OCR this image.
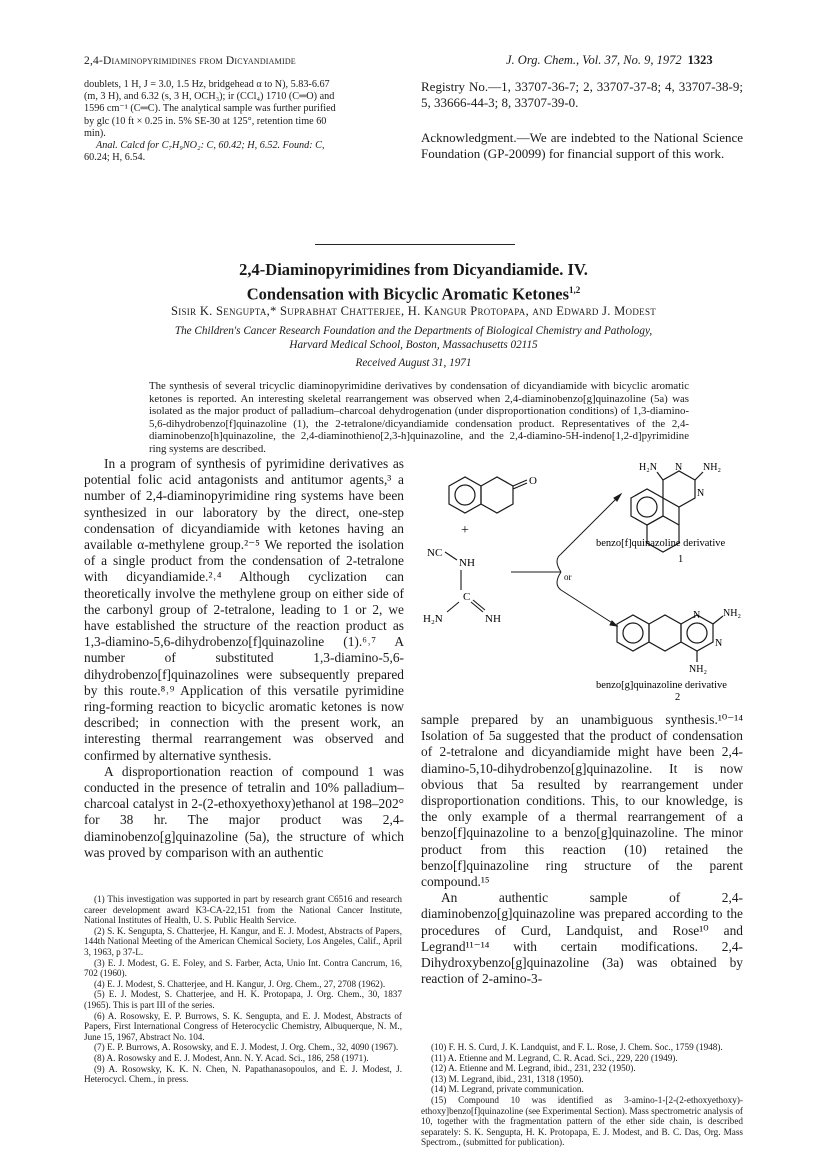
2,4-Diaminopyrimidines from Dicyandiamide	J. Org. Chem., Vol. 37, No. 9, 1972 1323
doublets, 1 H, J = 3.0, 1.5 Hz, bridgehead α to N), 5.83-6.67
(m, 3 H), and 6.32 (s, 3 H, OCH₃); ir (CCl₄) 1710 (C═O) and
1596 cm⁻¹ (C═C). The analytical sample was further purified
by glc (10 ft × 0.25 in. 5% SE-30 at 125°, retention time 60
min).
Anal. Calcd for C₇H₉NO₂: C, 60.42; H, 6.52. Found: C,
60.24; H, 6.54.
Registry No.—1, 33707-36-7; 2, 33707-37-8; 4, 33707-38-9; 5, 33666-44-3; 8, 33707-39-0.
Acknowledgment.—We are indebted to the National Science Foundation (GP-20099) for financial support of this work.
2,4-Diaminopyrimidines from Dicyandiamide. IV.
Condensation with Bicyclic Aromatic Ketones$^{1,2}$
Sisir K. Sengupta,* Suprabhat Chatterjee, H. Kangur Protopapa, and Edward J. Modest
The Children's Cancer Research Foundation and the Departments of Biological Chemistry and Pathology,
Harvard Medical School, Boston, Massachusetts 02115
Received August 31, 1971
The synthesis of several tricyclic diaminopyrimidine derivatives by condensation of dicyandiamide with bicyclic aromatic ketones is reported. An interesting skeletal rearrangement was observed when 2,4-diaminobenzo[g]quinazoline (5a) was isolated as the major product of palladium–charcoal dehydrogenation (under disproportionation conditions) of 1,3-diamino-5,6-dihydrobenzo[f]quinazoline (1), the 2-tetralone/dicyandiamide condensation product. Representatives of the 2,4-diaminobenzo[h]quinazoline, the 2,4-diaminothieno[2,3-h]quinazoline, and the 2,4-diamino-5H-indeno[1,2-d]pyrimidine ring systems are described.

In a program of synthesis of pyrimidine derivatives as potential folic acid antagonists and antitumor agents,³ a number of 2,4-diaminopyrimidine ring systems have been synthesized in our laboratory by the direct, one-step condensation of dicyandiamide with ketones having an available α-methylene group.²⁻⁵ We reported the isolation of a single product from the condensation of 2-tetralone with dicyandiamide.²˒⁴ Although cyclization can theoretically involve the methylene group on either side of the carbonyl group of 2-tetralone, leading to 1 or 2, we have established the structure of the reaction product as 1,3-diamino-5,6-dihydrobenzo[f]quinazoline (1).⁶˒⁷ A number of substituted 1,3-diamino-5,6-dihydrobenzo[f]quinazolines were subsequently prepared by this route.⁸˒⁹ Application of this versatile pyrimidine ring-forming reaction to bicyclic aromatic ketones is now described; in connection with the present work, an interesting thermal rearrangement was observed and confirmed by alternative synthesis.

A disproportionation reaction of compound 1 was conducted in the presence of tetralin and 10% palladium–charcoal catalyst in 2-(2-ethoxyethoxy)ethanol at 198–202° for 38 hr. The major product was 2,4-diaminobenzo[g]quinazoline (5a), the structure of which was proved by comparison with an authentic

(1) This investigation was supported in part by research grant C6516 and research career development award K3-CA-22,151 from the National Cancer Institute, National Institutes of Health, U. S. Public Health Service.
(2) S. K. Sengupta, S. Chatterjee, H. Kangur, and E. J. Modest, Abstracts of Papers, 144th National Meeting of the American Chemical Society, Los Angeles, Calif., April 3, 1963, p 37-L.
(3) E. J. Modest, G. E. Foley, and S. Farber, Acta, Unio Int. Contra Cancrum, 16, 702 (1960).
(4) E. J. Modest, S. Chatterjee, and H. Kangur, J. Org. Chem., 27, 2708 (1962).
(5) E. J. Modest, S. Chatterjee, and H. K. Protopapa, J. Org. Chem., 30, 1837 (1965). This is part III of the series.
(6) A. Rosowsky, E. P. Burrows, S. K. Sengupta, and E. J. Modest, Abstracts of Papers, First International Congress of Heterocyclic Chemistry, Albuquerque, N. M., June 15, 1967, Abstract No. 104.
(7) E. P. Burrows, A. Rosowsky, and E. J. Modest, J. Org. Chem., 32, 4090 (1967).
(8) A. Rosowsky and E. J. Modest, Ann. N. Y. Acad. Sci., 186, 258 (1971).
(9) A. Rosowsky, K. K. N. Chen, N. Papathanasopoulos, and E. J. Modest, J. Heterocycl. Chem., in press.
O
+
NC
NH
C
H₂N	NH
or
H₂N N NH₂
N
benzo[f]quinazoline derivative
1
N NH₂
N
NH₂
benzo[g]quinazoline derivative
2

sample prepared by an unambiguous synthesis.¹⁰⁻¹⁴ Isolation of 5a suggested that the product of condensation of 2-tetralone and dicyandiamide might have been 2,4-diamino-5,10-dihydrobenzo[g]quinazoline. It is now obvious that 5a resulted by rearrangement under disproportionation conditions. This, to our knowledge, is the only example of a thermal rearrangement of a benzo[f]quinazoline to a benzo[g]quinazoline. The minor product from this reaction (10) retained the benzo[f]quinazoline ring structure of the parent compound.¹⁵

An authentic sample of 2,4-diaminobenzo[g]quinazoline was prepared according to the procedures of Curd, Landquist, and Rose¹⁰ and Legrand¹¹⁻¹⁴ with certain modifications. 2,4-Dihydroxybenzo[g]quinazoline (3a) was obtained by reaction of 2-amino-3-

(10) F. H. S. Curd, J. K. Landquist, and F. L. Rose, J. Chem. Soc., 1759 (1948).
(11) A. Etienne and M. Legrand, C. R. Acad. Sci., 229, 220 (1949).
(12) A. Etienne and M. Legrand, ibid., 231, 232 (1950).
(13) M. Legrand, ibid., 231, 1318 (1950).
(14) M. Legrand, private communication.
(15) Compound 10 was identified as 3-amino-1-[2-(2-ethoxyethoxy)-ethoxy]benzo[f]quinazoline (see Experimental Section). Mass spectrometric analysis of 10, together with the fragmentation pattern of the ether side chain, is described separately: S. K. Sengupta, H. K. Protopapa, E. J. Modest, and B. C. Das, Org. Mass Spectrom., (submitted for publication).
